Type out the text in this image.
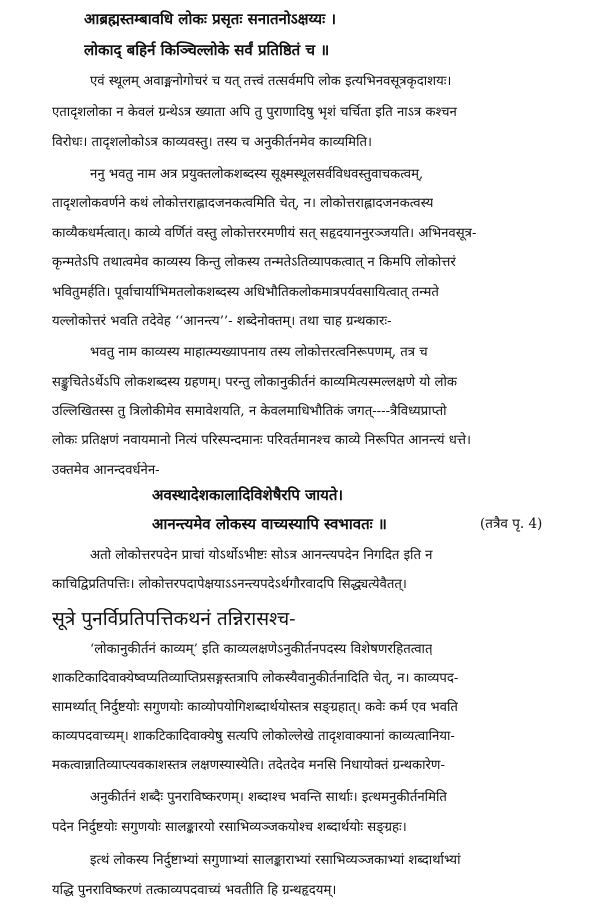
आब्रह्मस्तम्बावधि लोकः प्रसृतः सनातनोऽक्षय्यः ।
लोकाद् बहिर्न किञ्चिल्लोके सर्वं प्रतिष्ठितं च ॥
एवं स्थूलम् अवाङ्मनोगोचरं च यत् तत्त्वं तत्सर्वमपि लोक इत्यभिनवसूत्रकृदाशयः।
एतादृशलोका न केवलं ग्रन्थेऽत्र ख्याता अपि तु पुराणादिषु भृशं चर्चिता इति नाऽत्र कश्चन
विरोधः। तादृशलोकोऽत्र काव्यवस्तु। तस्य च अनुकीर्तनमेव काव्यमिति।
ननु भवतु नाम अत्र प्रयुक्तलोकशब्दस्य सूक्ष्मस्थूलसर्वविधवस्तुवाचकत्वम्,
तादृशलोकवर्णने कथं लोकोत्तराह्लादजनकत्वमिति चेत्, न। लोकोत्तराह्लादजनकत्वस्य
काव्यैकधर्मत्वात्। काव्ये वर्णितं वस्तु लोकोत्तररमणीयं सत् सहृदयाननुरञ्जयति। अभिनवसूत्र-
कृन्मतेऽपि तथात्वमेव काव्यस्य किन्तु लोकस्य तन्मतेऽतिव्यापकत्वात् न किमपि लोकोत्तरं
भवितुमर्हति। पूर्वाचार्याभिमतलोकशब्दस्य अधिभौतिकलोकमात्रपर्यवसायित्वात् तन्मते
यल्लोकोत्तरं भवति तदेवेह ‘‘आनन्त्य’’- शब्देनोक्तम्। तथा चाह ग्रन्थकारः-
भवतु नाम काव्यस्य माहात्म्यख्यापनाय तस्य लोकोत्तरत्वनिरूपणम्, तत्र च
सङ्कुचितेऽर्थेऽपि लोकशब्दस्य ग्रहणम्। परन्तु लोकानुकीर्तनं काव्यमित्यस्मल्लक्षणे यो लोक
उल्लिखितस्स तु त्रिलोकीमेव समावेशयति, न केवलमाधिभौतिकं जगत्----त्रैविध्यप्राप्तो
लोकः प्रतिक्षणं नवायमानो नित्यं परिस्पन्दमानः परिवर्तमानश्च काव्ये निरूपित आनन्त्यं धत्ते।
उक्तमेव आनन्दवर्धनेन-
अवस्थादेशकालादिविशेषैरपि जायते।
आनन्त्यमेव लोकस्य वाच्यस्यापि स्वभावतः ॥	(तत्रैव पृ. 4)
अतो लोकोत्तरपदेन प्राचां योऽर्थोऽभीष्टः सोऽत्र आनन्त्यपदेन निगदित इति न
काचिद्विप्रतिपत्तिः। लोकोत्तरपदापेक्षयाऽऽनन्त्यपदेऽर्थगौरवादपि सिद्ध्यत्येवैतत्।
सूत्रे पुनर्विप्रतिपत्तिकथनं तन्निरासश्च-
‘लोकानुकीर्तनं काव्यम्’ इति काव्यलक्षणेऽनुकीर्तनपदस्य विशेषणरहितत्वात्
शाकटिकादिवाक्येष्वप्यतिव्याप्तिप्रसङ्गस्तत्रापि लोकस्यैवानुकीर्तनादिति चेत्, न। काव्यपद-
सामर्थ्यात् निर्दुष्टयोः सगुणयोः काव्योपयोगिशब्दार्थयोस्तत्र सङ्ग्रहात्। कवेः कर्म एव भवति
काव्यपदवाच्यम्। शाकटिकादिवाक्येषु सत्यपि लोकोल्लेखे तादृशवाक्यानां काव्यत्वानिया-
मकत्वान्नातिव्याप्त्यवकाशस्तत्र लक्षणस्यास्येति। तदेतदेव मनसि निधायोक्तं ग्रन्थकारेण-
अनुकीर्तनं शब्दैः पुनराविष्करणम्। शब्दाश्च भवन्ति सार्थाः। इत्थमनुकीर्तनमिति
पदेन निर्दुष्टयोः सगुणयोः सालङ्कारयो रसाभिव्यञ्जकयोश्च शब्दार्थयोः सङ्ग्रहः।
इत्थं लोकस्य निर्दुष्टाभ्यां सगुणाभ्यां सालङ्काराभ्यां रसाभिव्यञ्जकाभ्यां शब्दार्थाभ्यां
यद्धि पुनराविष्करणं तत्काव्यपदवाच्यं भवतीति हि ग्रन्थहृदयम्।
